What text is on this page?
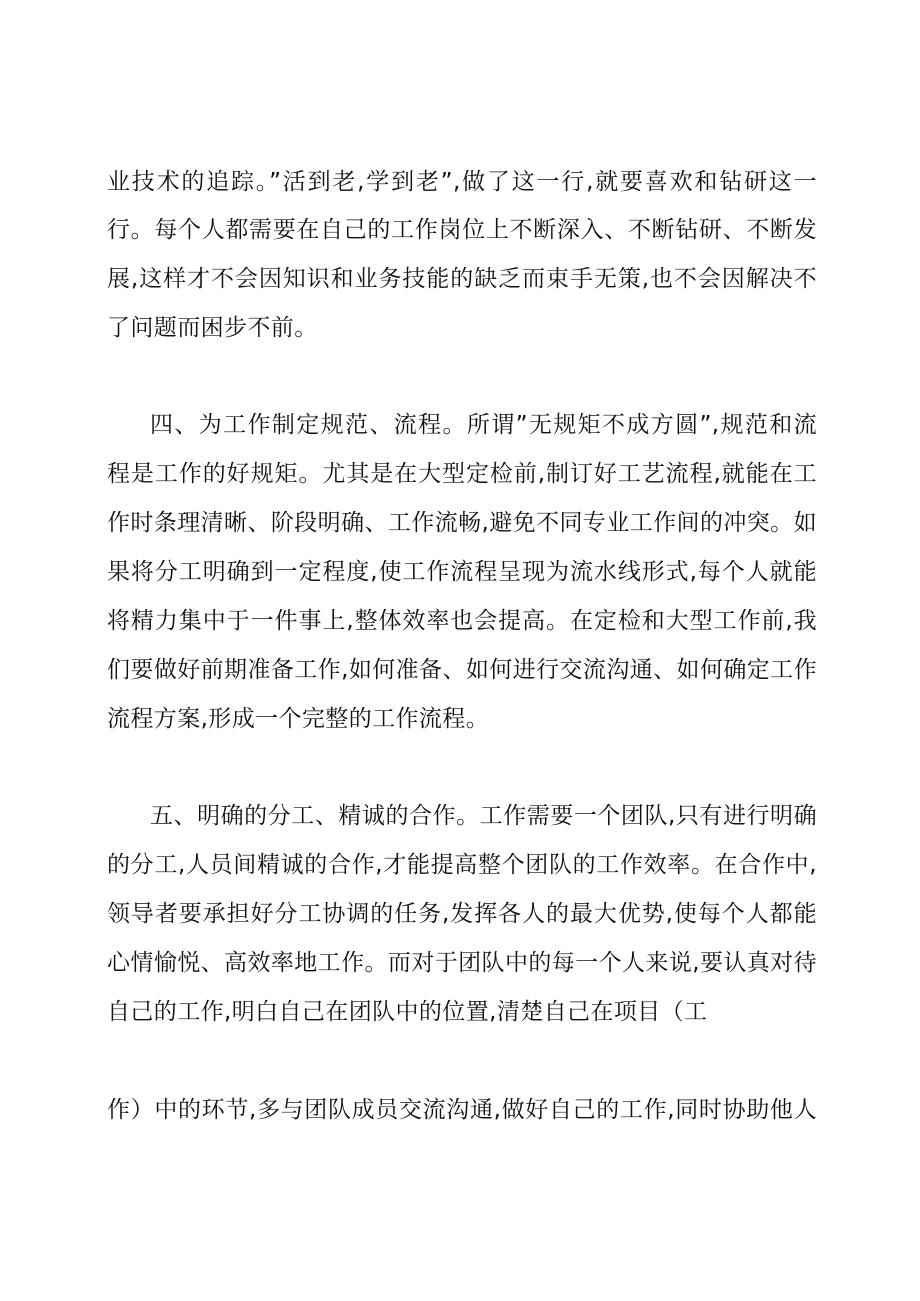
业技术的追踪。”活到老,学到老”,做了这一行,就要喜欢和钻研这一
行。每个人都需要在自己的工作岗位上不断深入、不断钻研、不断发
展,这样才不会因知识和业务技能的缺乏而束手无策,也不会因解决不
了问题而困步不前。
四、为工作制定规范、流程。所谓”无规矩不成方圆”,规范和流
程是工作的好规矩。尤其是在大型定检前,制订好工艺流程,就能在工
作时条理清晰、阶段明确、工作流畅,避免不同专业工作间的冲突。如
果将分工明确到一定程度,使工作流程呈现为流水线形式,每个人就能
将精力集中于一件事上,整体效率也会提高。在定检和大型工作前,我
们要做好前期准备工作,如何准备、如何进行交流沟通、如何确定工作
流程方案,形成一个完整的工作流程。
五、明确的分工、精诚的合作。工作需要一个团队,只有进行明确
的分工,人员间精诚的合作,才能提高整个团队的工作效率。在合作中,
领导者要承担好分工协调的任务,发挥各人的最大优势,使每个人都能
心情愉悦、高效率地工作。而对于团队中的每一个人来说,要认真对待
自己的工作,明白自己在团队中的位置,清楚自己在项目（工
作）中的环节,多与团队成员交流沟通,做好自己的工作,同时协助他人
